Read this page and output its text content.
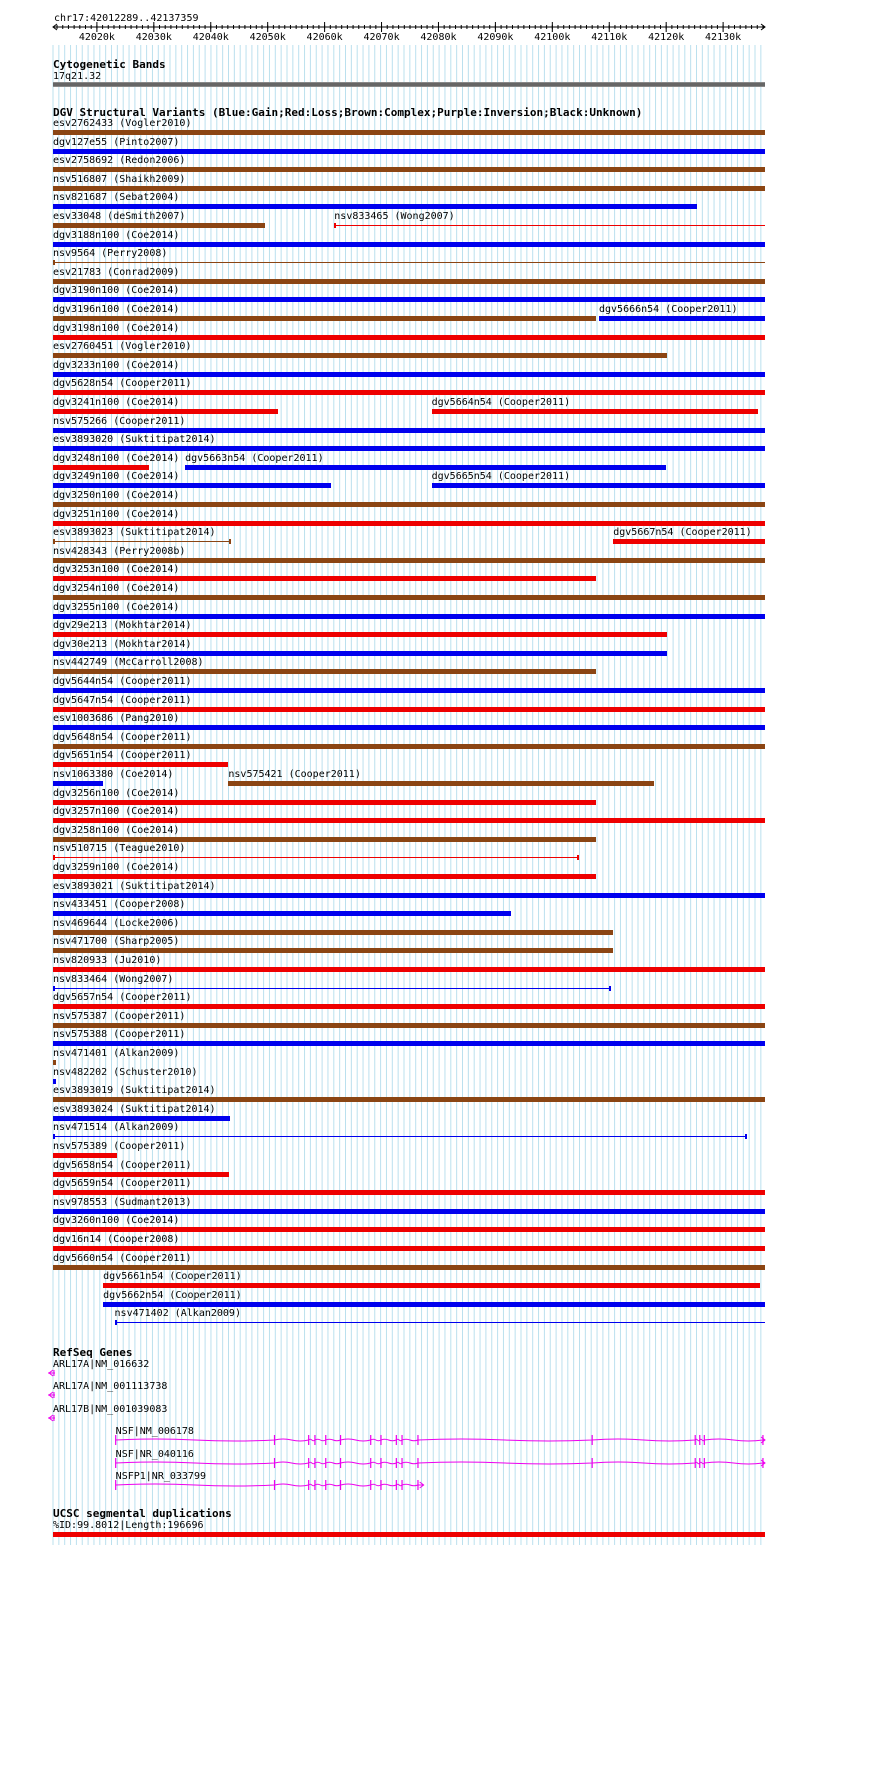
chr17:42012289..42137359
42020k 42030k 42040k 42050k 42060k 42070k 42080k 42090k 42100k 42110k 42120k 42130k
Cytogenetic Bands
17q21.32
DGV Structural Variants (Blue:Gain;Red:Loss;Brown:Complex;Purple:Inversion;Black:Unknown)
esv2762433 (Vogler2010)
dgv127e55 (Pinto2007)
esv2758692 (Redon2006)
nsv516807 (Shaikh2009)
nsv821687 (Sebat2004)
esv33048 (deSmith2007)	nsv833465 (Wong2007)
dgv3188n100 (Coe2014)
nsv9564 (Perry2008)
esv21783 (Conrad2009)
dgv3190n100 (Coe2014)
dgv3196n100 (Coe2014)	dgv5666n54 (Cooper2011)
dgv3198n100 (Coe2014)
esv2760451 (Vogler2010)
dgv3233n100 (Coe2014)
dgv5628n54 (Cooper2011)
dgv3241n100 (Coe2014)	dgv5664n54 (Cooper2011)
nsv575266 (Cooper2011)
esv3893020 (Suktitipat2014)
dgv3248n100 (Coe2014) dgv5663n54 (Cooper2011)
dgv3249n100 (Coe2014)	dgv5665n54 (Cooper2011)
dgv3250n100 (Coe2014)
dgv3251n100 (Coe2014)
esv3893023 (Suktitipat2014)	dgv5667n54 (Cooper2011)
nsv428343 (Perry2008b)
dgv3253n100 (Coe2014)
dgv3254n100 (Coe2014)
dgv3255n100 (Coe2014)
dgv29e213 (Mokhtar2014)
dgv30e213 (Mokhtar2014)
nsv442749 (McCarroll2008)
dgv5644n54 (Cooper2011)
dgv5647n54 (Cooper2011)
esv1003686 (Pang2010)
dgv5648n54 (Cooper2011)
dgv5651n54 (Cooper2011)
nsv1063380 (Coe2014)	nsv575421 (Cooper2011)
dgv3256n100 (Coe2014)
dgv3257n100 (Coe2014)
dgv3258n100 (Coe2014)
nsv510715 (Teague2010)
dgv3259n100 (Coe2014)
esv3893021 (Suktitipat2014)
nsv433451 (Cooper2008)
nsv469644 (Locke2006)
nsv471700 (Sharp2005)
nsv820933 (Ju2010)
nsv833464 (Wong2007)
dgv5657n54 (Cooper2011)
nsv575387 (Cooper2011)
nsv575388 (Cooper2011)
nsv471401 (Alkan2009)
nsv482202 (Schuster2010)
esv3893019 (Suktitipat2014)
esv3893024 (Suktitipat2014)
nsv471514 (Alkan2009)
nsv575389 (Cooper2011)
dgv5658n54 (Cooper2011)
dgv5659n54 (Cooper2011)
nsv978553 (Sudmant2013)
dgv3260n100 (Coe2014)
dgv16n14 (Cooper2008)
dgv5660n54 (Cooper2011)
dgv5661n54 (Cooper2011)
dgv5662n54 (Cooper2011)
nsv471402 (Alkan2009)
RefSeq Genes
ARL17A|NM_016632
ARL17A|NM_001113738
ARL17B|NM_001039083
NSF|NM_006178
NSF|NR_040116
NSFP1|NR_033799
UCSC segmental duplications
%ID:99.8012|Length:196696
